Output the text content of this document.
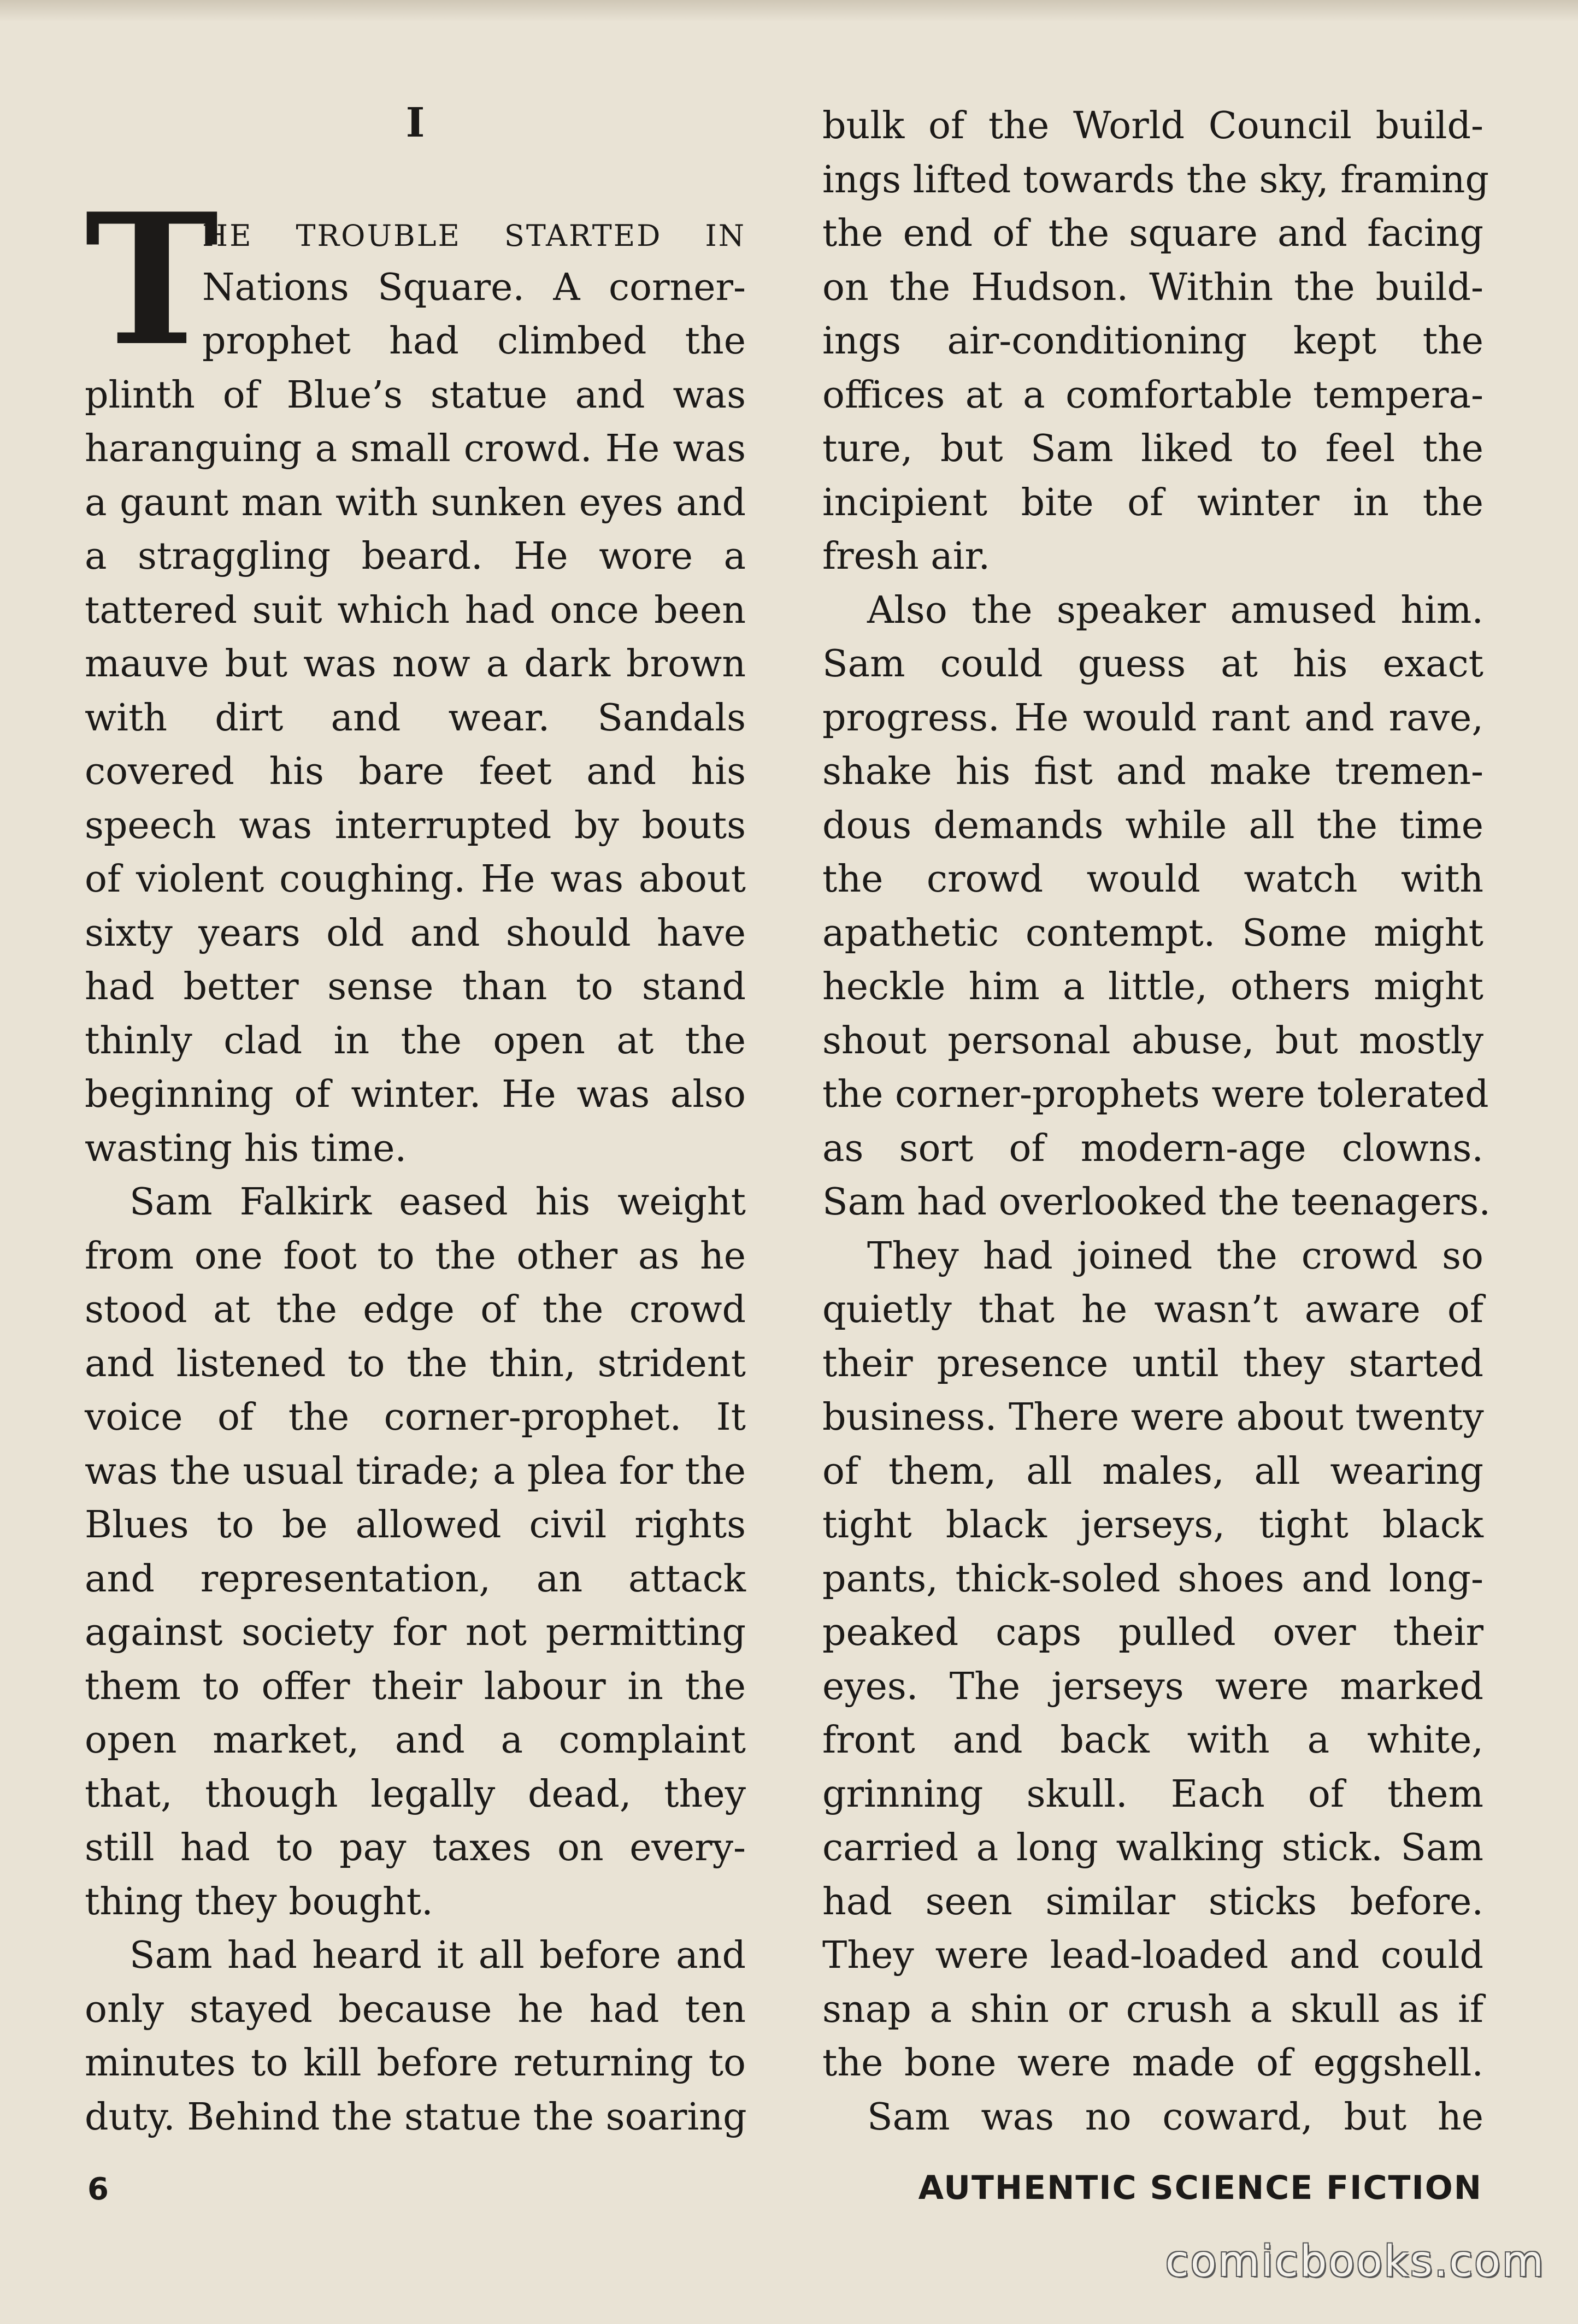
I
T
HE TROUBLE STARTED IN
Nations Square. A corner-
prophet had climbed the
plinth of Blue’s statue and was
haranguing a small crowd. He was
a gaunt man with sunken eyes and
a straggling beard. He wore a
tattered suit which had once been
mauve but was now a dark brown
with dirt and wear. Sandals
covered his bare feet and his
speech was interrupted by bouts
of violent coughing. He was about
sixty years old and should have
had better sense than to stand
thinly clad in the open at the
beginning of winter. He was also
wasting his time.
Sam Falkirk eased his weight
from one foot to the other as he
stood at the edge of the crowd
and listened to the thin, strident
voice of the corner-prophet. It
was the usual tirade; a plea for the
Blues to be allowed civil rights
and representation, an attack
against society for not permitting
them to offer their labour in the
open market, and a complaint
that, though legally dead, they
still had to pay taxes on every-
thing they bought.
Sam had heard it all before and
only stayed because he had ten
minutes to kill before returning to
duty. Behind the statue the soaring
bulk of the World Council build-
ings lifted towards the sky, framing
the end of the square and facing
on the Hudson. Within the build-
ings air-conditioning kept the
offices at a comfortable tempera-
ture, but Sam liked to feel the
incipient bite of winter in the
fresh air.
Also the speaker amused him.
Sam could guess at his exact
progress. He would rant and rave,
shake his fist and make tremen-
dous demands while all the time
the crowd would watch with
apathetic contempt. Some might
heckle him a little, others might
shout personal abuse, but mostly
the corner-prophets were tolerated
as sort of modern-age clowns.
Sam had overlooked the teenagers.
They had joined the crowd so
quietly that he wasn’t aware of
their presence until they started
business. There were about twenty
of them, all males, all wearing
tight black jerseys, tight black
pants, thick-soled shoes and long-
peaked caps pulled over their
eyes. The jerseys were marked
front and back with a white,
grinning skull. Each of them
carried a long walking stick. Sam
had seen similar sticks before.
They were lead-loaded and could
snap a shin or crush a skull as if
the bone were made of eggshell.
Sam was no coward, but he
6	AUTHENTIC SCIENCE FICTION
comicbooks.com
